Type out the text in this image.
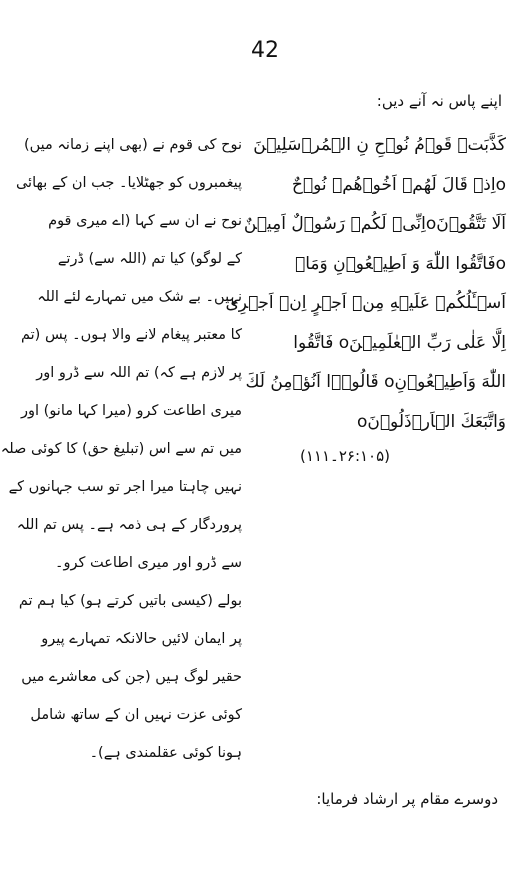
42
اپنے پاس نہ آنے دیں:
كَذَّبَتۡ قَوۡمُ نُوۡحِ نِ الۡمُرۡسَلِيۡنَ
oاِذۡ قَالَ لَهُمۡ اَخُوۡهُمۡ نُوۡحٌ
اَلَا تَتَّقُوۡنَoاِنِّیۡ لَكُمۡ رَسُوۡلٌ اَمِيۡنٌ
oفَاتَّقُوا اللّٰهَ وَ اَطِيۡعُوۡنِ وَمَاۤ
اَسۡـَٔلُكُمۡ عَلَيۡهِ مِنۡ اَجۡرٍ اِنۡ اَجۡرِیَ
اِلَّا عَلٰى رَبِّ الۡعٰلَمِيۡنَo فَاتَّقُوا
اللّٰهَ وَاَطِيۡعُوۡنِo قَالُوۡۤا اَنُؤۡمِنُ لَكَ
وَاتَّبَعَكَ الۡاَرۡذَلُوۡنَo
(۲۶:۱۰۵۔۱۱۱)
نوح کی قوم نے (بھی اپنے زمانہ میں)
پیغمبروں کو جھٹلایا۔ جب ان کے بھائی
نوح نے ان سے کہا (اے میری قوم
کے لوگو) کیا تم (اللہ سے) ڈرتے
نہیں۔ بے شک میں تمہارے لئے اللہ
کا معتبر پیغام لانے والا ہوں۔ پس (تم
پر لازم ہے کہ) تم اللہ سے ڈرو اور
میری اطاعت کرو (میرا کہا مانو) اور
میں تم سے اس (تبلیغ حق) کا کوئی صلہ
نہیں چاہتا میرا اجر تو سب جہانوں کے
پروردگار کے ہی ذمہ ہے۔ پس تم اللہ
سے ڈرو اور میری اطاعت کرو۔
بولے (کیسی باتیں کرتے ہو) کیا ہم تم
پر ایمان لائیں حالانکہ تمہارے پیرو
حقیر لوگ ہیں (جن کی معاشرے میں
کوئی عزت نہیں ان کے ساتھ شامل
ہونا کوئی عقلمندی ہے)۔
دوسرے مقام پر ارشاد فرمایا:
